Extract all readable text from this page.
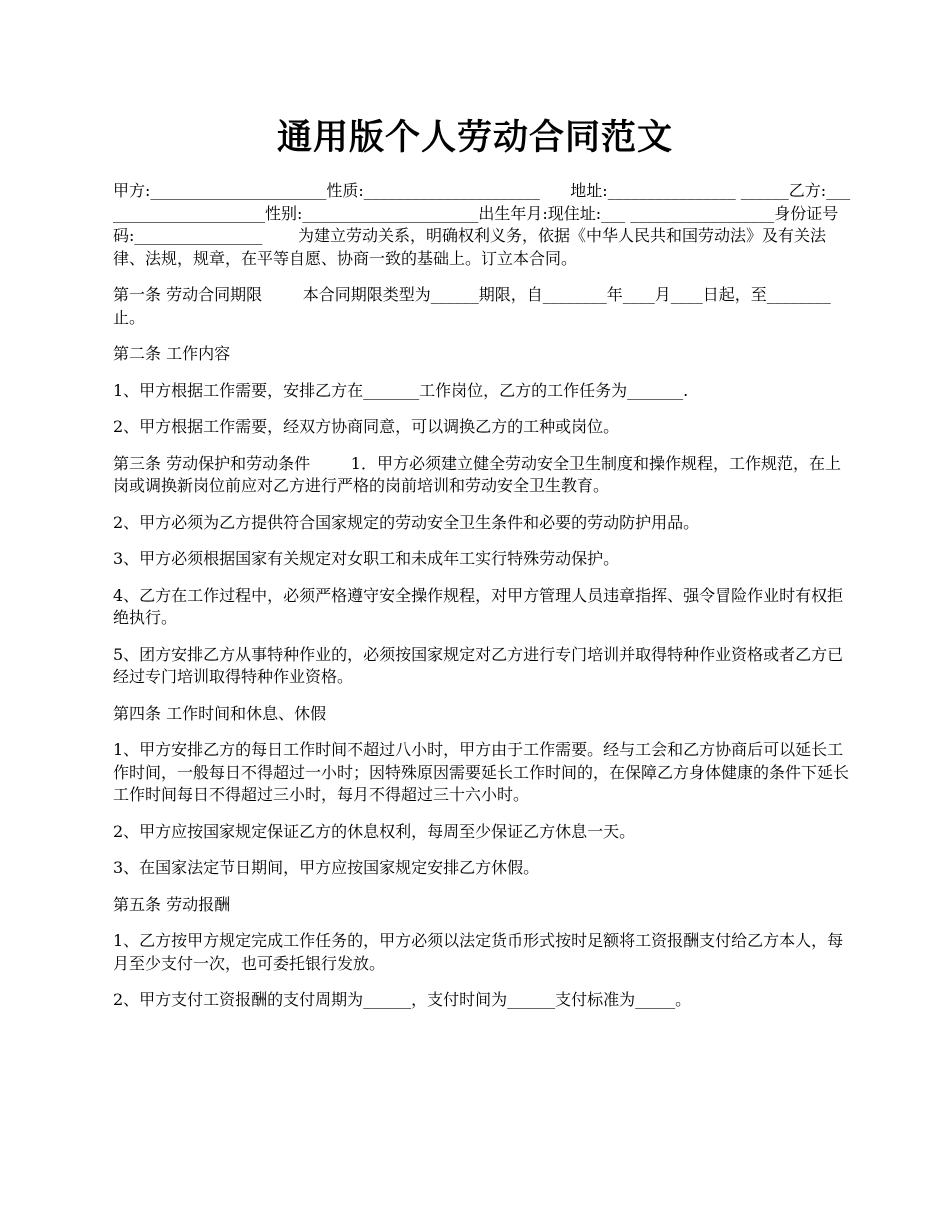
通用版个人劳动合同范文

甲方:______________________性质:______________________      地址:________________ ______乙方:______________________性别:______________________出生年月:现住址:___ __________________身份证号码:________________       为建立劳动关系，明确权利义务，依据《中华人民共和国劳动法》及有关法律、法规，规章，在平等自愿、协商一致的基础上。订立本合同。

第一条 劳动合同期限        本合同期限类型为______期限，自________年____月____日起，至________止。

第二条 工作内容

1、甲方根据工作需要，安排乙方在_______工作岗位，乙方的工作任务为_______.

2、甲方根据工作需要，经双方协商同意，可以调换乙方的工种或岗位。

第三条 劳动保护和劳动条件        1．甲方必须建立健全劳动安全卫生制度和操作规程，工作规范，在上岗或调换新岗位前应对乙方进行严格的岗前培训和劳动安全卫生教育。

2、甲方必须为乙方提供符合国家规定的劳动安全卫生条件和必要的劳动防护用品。

3、甲方必须根据国家有关规定对女职工和未成年工实行特殊劳动保护。

4、乙方在工作过程中，必须严格遵守安全操作规程，对甲方管理人员违章指挥、强令冒险作业时有权拒绝执行。

5、团方安排乙方从事特种作业的，必须按国家规定对乙方进行专门培训并取得特种作业资格或者乙方已经过专门培训取得特种作业资格。

第四条 工作时间和休息、休假

1、甲方安排乙方的每日工作时间不超过八小时，甲方由于工作需要。经与工会和乙方协商后可以延长工作时间，一般每日不得超过一小时；因特殊原因需要延长工作时间的，在保障乙方身体健康的条件下延长工作时间每日不得超过三小时，每月不得超过三十六小时。

2、甲方应按国家规定保证乙方的休息权利，每周至少保证乙方休息一天。

3、在国家法定节日期间，甲方应按国家规定安排乙方休假。

第五条 劳动报酬

1、乙方按甲方规定完成工作任务的，甲方必须以法定货币形式按时足额将工资报酬支付给乙方本人，每月至少支付一次，也可委托银行发放。

2、甲方支付工资报酬的支付周期为______，支付时间为______支付标准为_____。
